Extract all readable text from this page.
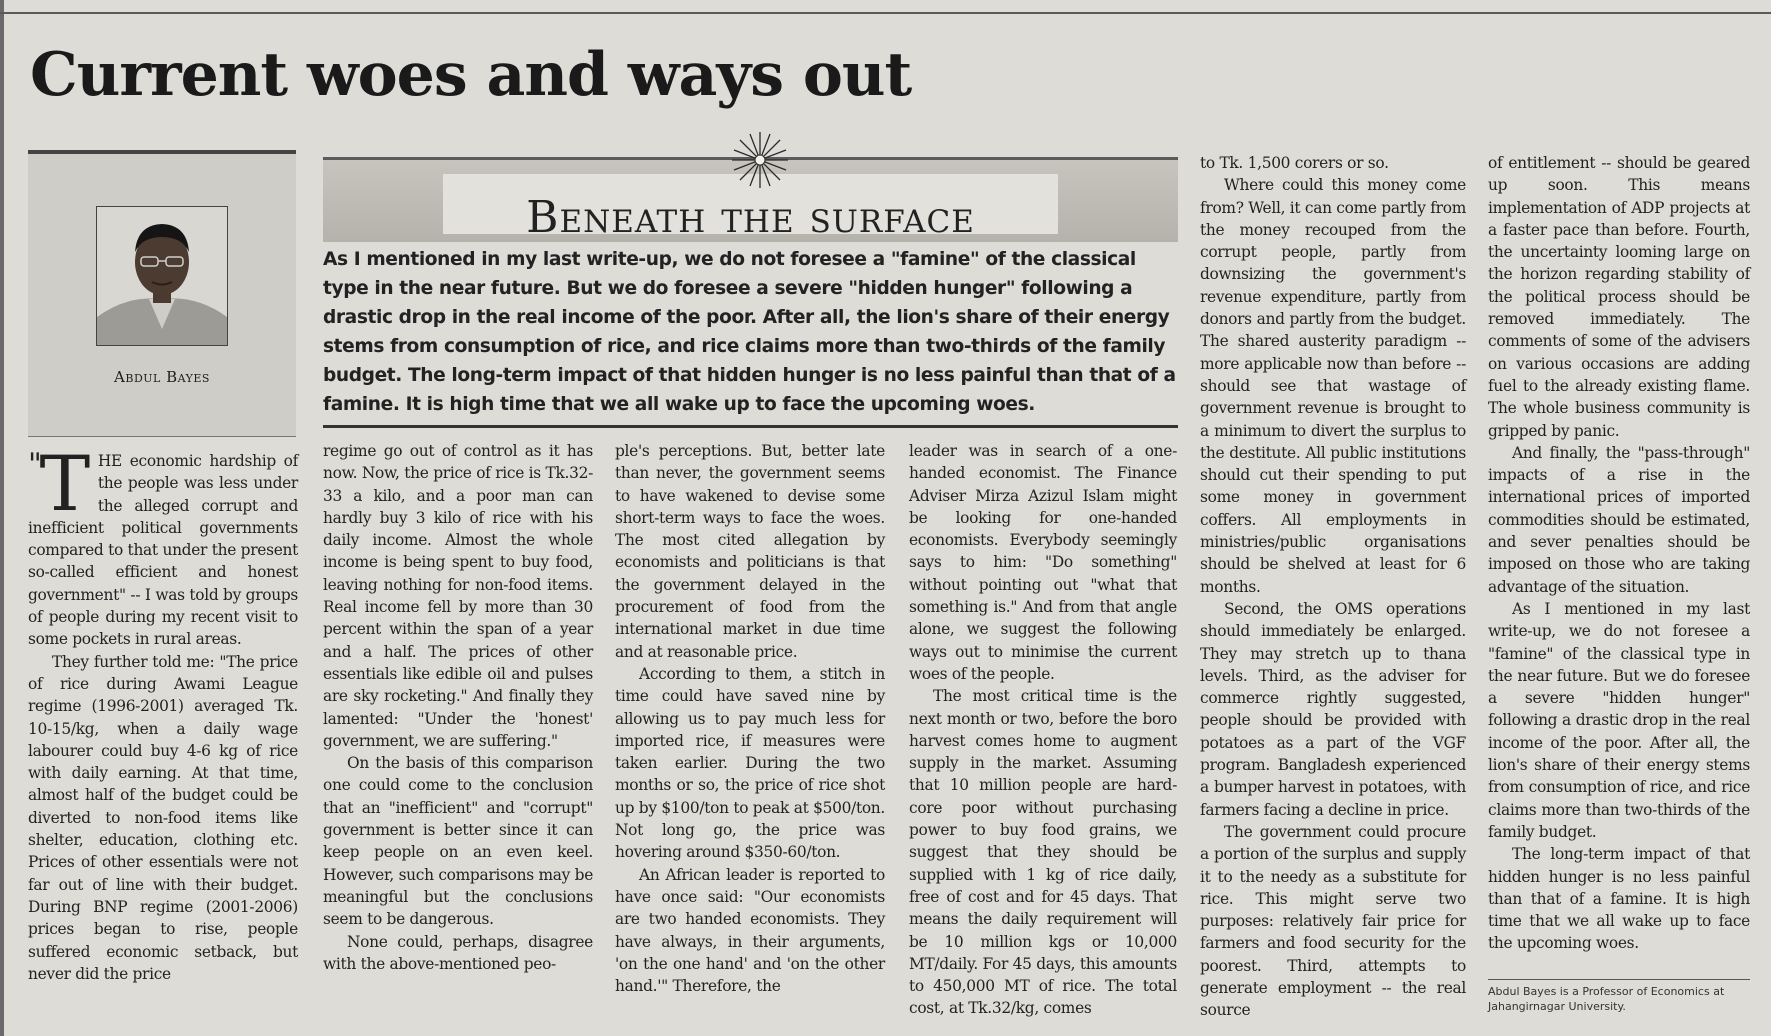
Current woes and ways out
Abdul Bayes
Beneath the surface

As I mentioned in my last write-up, we do not foresee a "famine" of the classical type in the near future. But we do foresee a severe "hidden hunger" following a drastic drop in the real income of the poor. After all, the lion's share of their energy stems from consumption of rice, and rice claims more than two-thirds of the family budget. The long-term impact of that hidden hunger is no less painful than that of a famine. It is high time that we all wake up to face the upcoming woes.

"
T HE economic hardship of the people was less under the alleged corrupt and inefficient political governments compared to that under the present so-called efficient and honest government" -- I was told by groups of people during my recent visit to some pockets in rural areas.

They further told me: "The price of rice during Awami League regime (1996-2001) averaged Tk. 10-15/kg, when a daily wage labourer could buy 4-6 kg of rice with daily earning. At that time, almost half of the budget could be diverted to non-food items like shelter, education, clothing etc. Prices of other essentials were not far out of line with their budget. During BNP regime (2001-2006) prices began to rise, people suffered economic setback, but never did the price

regime go out of control as it has now. Now, the price of rice is Tk.32-33 a kilo, and a poor man can hardly buy 3 kilo of rice with his daily income. Almost the whole income is being spent to buy food, leaving nothing for non-food items. Real income fell by more than 30 percent within the span of a year and a half. The prices of other essentials like edible oil and pulses are sky rocketing." And finally they lamented: "Under the 'honest' government, we are suffering."

On the basis of this comparison one could come to the conclusion that an "inefficient" and "corrupt" government is better since it can keep people on an even keel. However, such comparisons may be meaningful but the conclusions seem to be dangerous.

None could, perhaps, disagree with the above-mentioned peo-

ple's perceptions. But, better late than never, the government seems to have wakened to devise some short-term ways to face the woes. The most cited allegation by economists and politicians is that the government delayed in the procurement of food from the international market in due time and at reasonable price.

According to them, a stitch in time could have saved nine by allowing us to pay much less for imported rice, if measures were taken earlier. During the two months or so, the price of rice shot up by $100/ton to peak at $500/ton. Not long go, the price was hovering around $350-60/ton.

An African leader is reported to have once said: "Our economists are two handed economists. They have always, in their arguments, 'on the one hand' and 'on the other hand.'" Therefore, the

leader was in search of a one-handed economist. The Finance Adviser Mirza Azizul Islam might be looking for one-handed economists. Everybody seemingly says to him: "Do something" without pointing out "what that something is." And from that angle alone, we suggest the following ways out to minimise the current woes of the people.

The most critical time is the next month or two, before the boro harvest comes home to augment supply in the market. Assuming that 10 million people are hard-core poor without purchasing power to buy food grains, we suggest that they should be supplied with 1 kg of rice daily, free of cost and for 45 days. That means the daily requirement will be 10 million kgs or 10,000 MT/daily. For 45 days, this amounts to 450,000 MT of rice. The total cost, at Tk.32/kg, comes

to Tk. 1,500 corers or so.

Where could this money come from? Well, it can come partly from the money recouped from the corrupt people, partly from downsizing the government's revenue expenditure, partly from donors and partly from the budget. The shared austerity paradigm -- more applicable now than before -- should see that wastage of government revenue is brought to a minimum to divert the surplus to the destitute. All public institutions should cut their spending to put some money in government coffers. All employments in ministries/public organisations should be shelved at least for 6 months.

Second, the OMS operations should immediately be enlarged. They may stretch up to thana levels. Third, as the adviser for commerce rightly suggested, people should be provided with potatoes as a part of the VGF program. Bangladesh experienced a bumper harvest in potatoes, with farmers facing a decline in price.

The government could procure a portion of the surplus and supply it to the needy as a substitute for rice. This might serve two purposes: relatively fair price for farmers and food security for the poorest. Third, attempts to generate employment -- the real source

of entitlement -- should be geared up soon. This means implementation of ADP projects at a faster pace than before. Fourth, the uncertainty looming large on the horizon regarding stability of the political process should be removed immediately. The comments of some of the advisers on various occasions are adding fuel to the already existing flame. The whole business community is gripped by panic.

And finally, the "pass-through" impacts of a rise in the international prices of imported commodities should be estimated, and sever penalties should be imposed on those who are taking advantage of the situation.

As I mentioned in my last write-up, we do not foresee a "famine" of the classical type in the near future. But we do foresee a severe "hidden hunger" following a drastic drop in the real income of the poor. After all, the lion's share of their energy stems from consumption of rice, and rice claims more than two-thirds of the family budget.

The long-term impact of that hidden hunger is no less painful than that of a famine. It is high time that we all wake up to face the upcoming woes.

Abdul Bayes is a Professor of Economics at Jahangirnagar University.
